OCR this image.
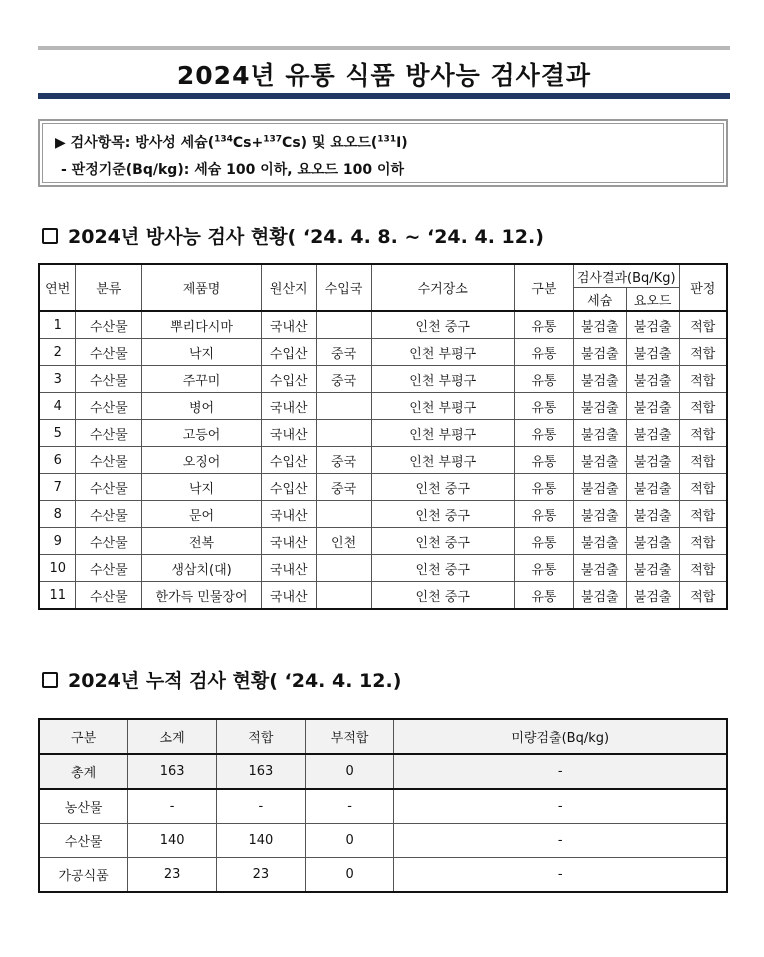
2024년 유통 식품 방사능 검사결과
▶ 검사항목: 방사성 세슘($^{134}$Cs+$^{137}$Cs) 및 요오드($^{131}$I)
- 판정기준(Bq/kg): 세슘 100 이하, 요오드 100 이하
2024년 방사능 검사 현황( ‘24. 4. 8. ~ ‘24. 4. 12.)
연번	분류	제품명	원산지	수입국	수거장소	구분	검사결과(Bq/Kg)		판정
							세슘	요오드	
1	수산물	뿌리다시마	국내산		인천 중구	유통	불검출	불검출	적합
2	수산물	낙지	수입산	중국	인천 부평구	유통	불검출	불검출	적합
3	수산물	주꾸미	수입산	중국	인천 부평구	유통	불검출	불검출	적합
4	수산물	병어	국내산		인천 부평구	유통	불검출	불검출	적합
5	수산물	고등어	국내산		인천 부평구	유통	불검출	불검출	적합
6	수산물	오징어	수입산	중국	인천 부평구	유통	불검출	불검출	적합
7	수산물	낙지	수입산	중국	인천 중구	유통	불검출	불검출	적합
8	수산물	문어	국내산		인천 중구	유통	불검출	불검출	적합
9	수산물	전복	국내산	인천	인천 중구	유통	불검출	불검출	적합
10	수산물	생삼치(대)	국내산		인천 중구	유통	불검출	불검출	적합
11	수산물	한가득 민물장어	국내산		인천 중구	유통	불검출	불검출	적합
2024년 누적 검사 현황( ‘24. 4. 12.)
구분	소계	적합	부적합	미량검출(Bq/kg)
총계	163	163	0	-
농산물	-	-	-	-
수산물	140	140	0	-
가공식품	23	23	0	-
